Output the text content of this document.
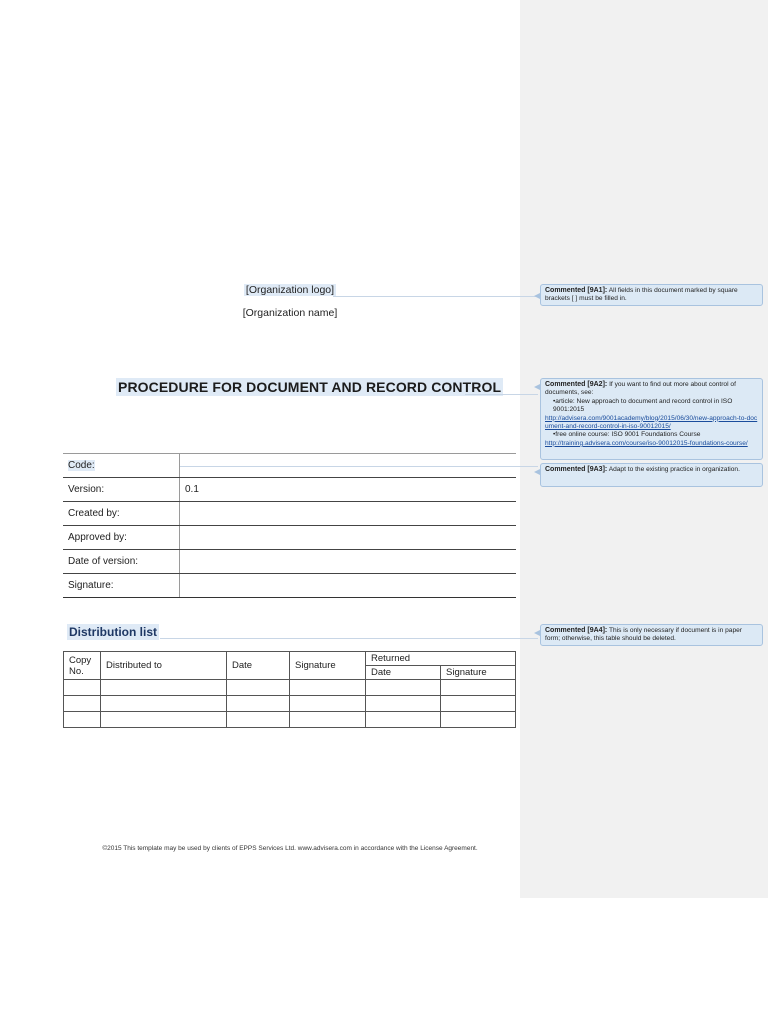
[Organization logo]
[Organization name]
PROCEDURE FOR DOCUMENT AND RECORD CONTROL
Code:	
Version:	0.1
Created by:	
Approved by:	
Date of version:	
Signature:	
Distribution list
Copy No.	Distributed to	Date	Signature	Returned	
				Date	Signature

©2015 This template may be used by clients of EPPS Services Ltd. www.advisera.com in accordance with the License Agreement.
Commented [9A1]: All fields in this document marked by square brackets [ ] must be filled in.
Commented [9A2]: If you want to find out more about control of documents, see:
•article: New approach to document and record control in ISO 9001:2015
http://advisera.com/9001academy/blog/2015/06/30/new-approach-to-document-and-record-control-in-iso-90012015/
•free online course: ISO 9001 Foundations Course
http://training.advisera.com/course/iso-90012015-foundations-course/
Commented [9A3]: Adapt to the existing practice in organization.
Commented [9A4]: This is only necessary if document is in paper form; otherwise, this table should be deleted.
